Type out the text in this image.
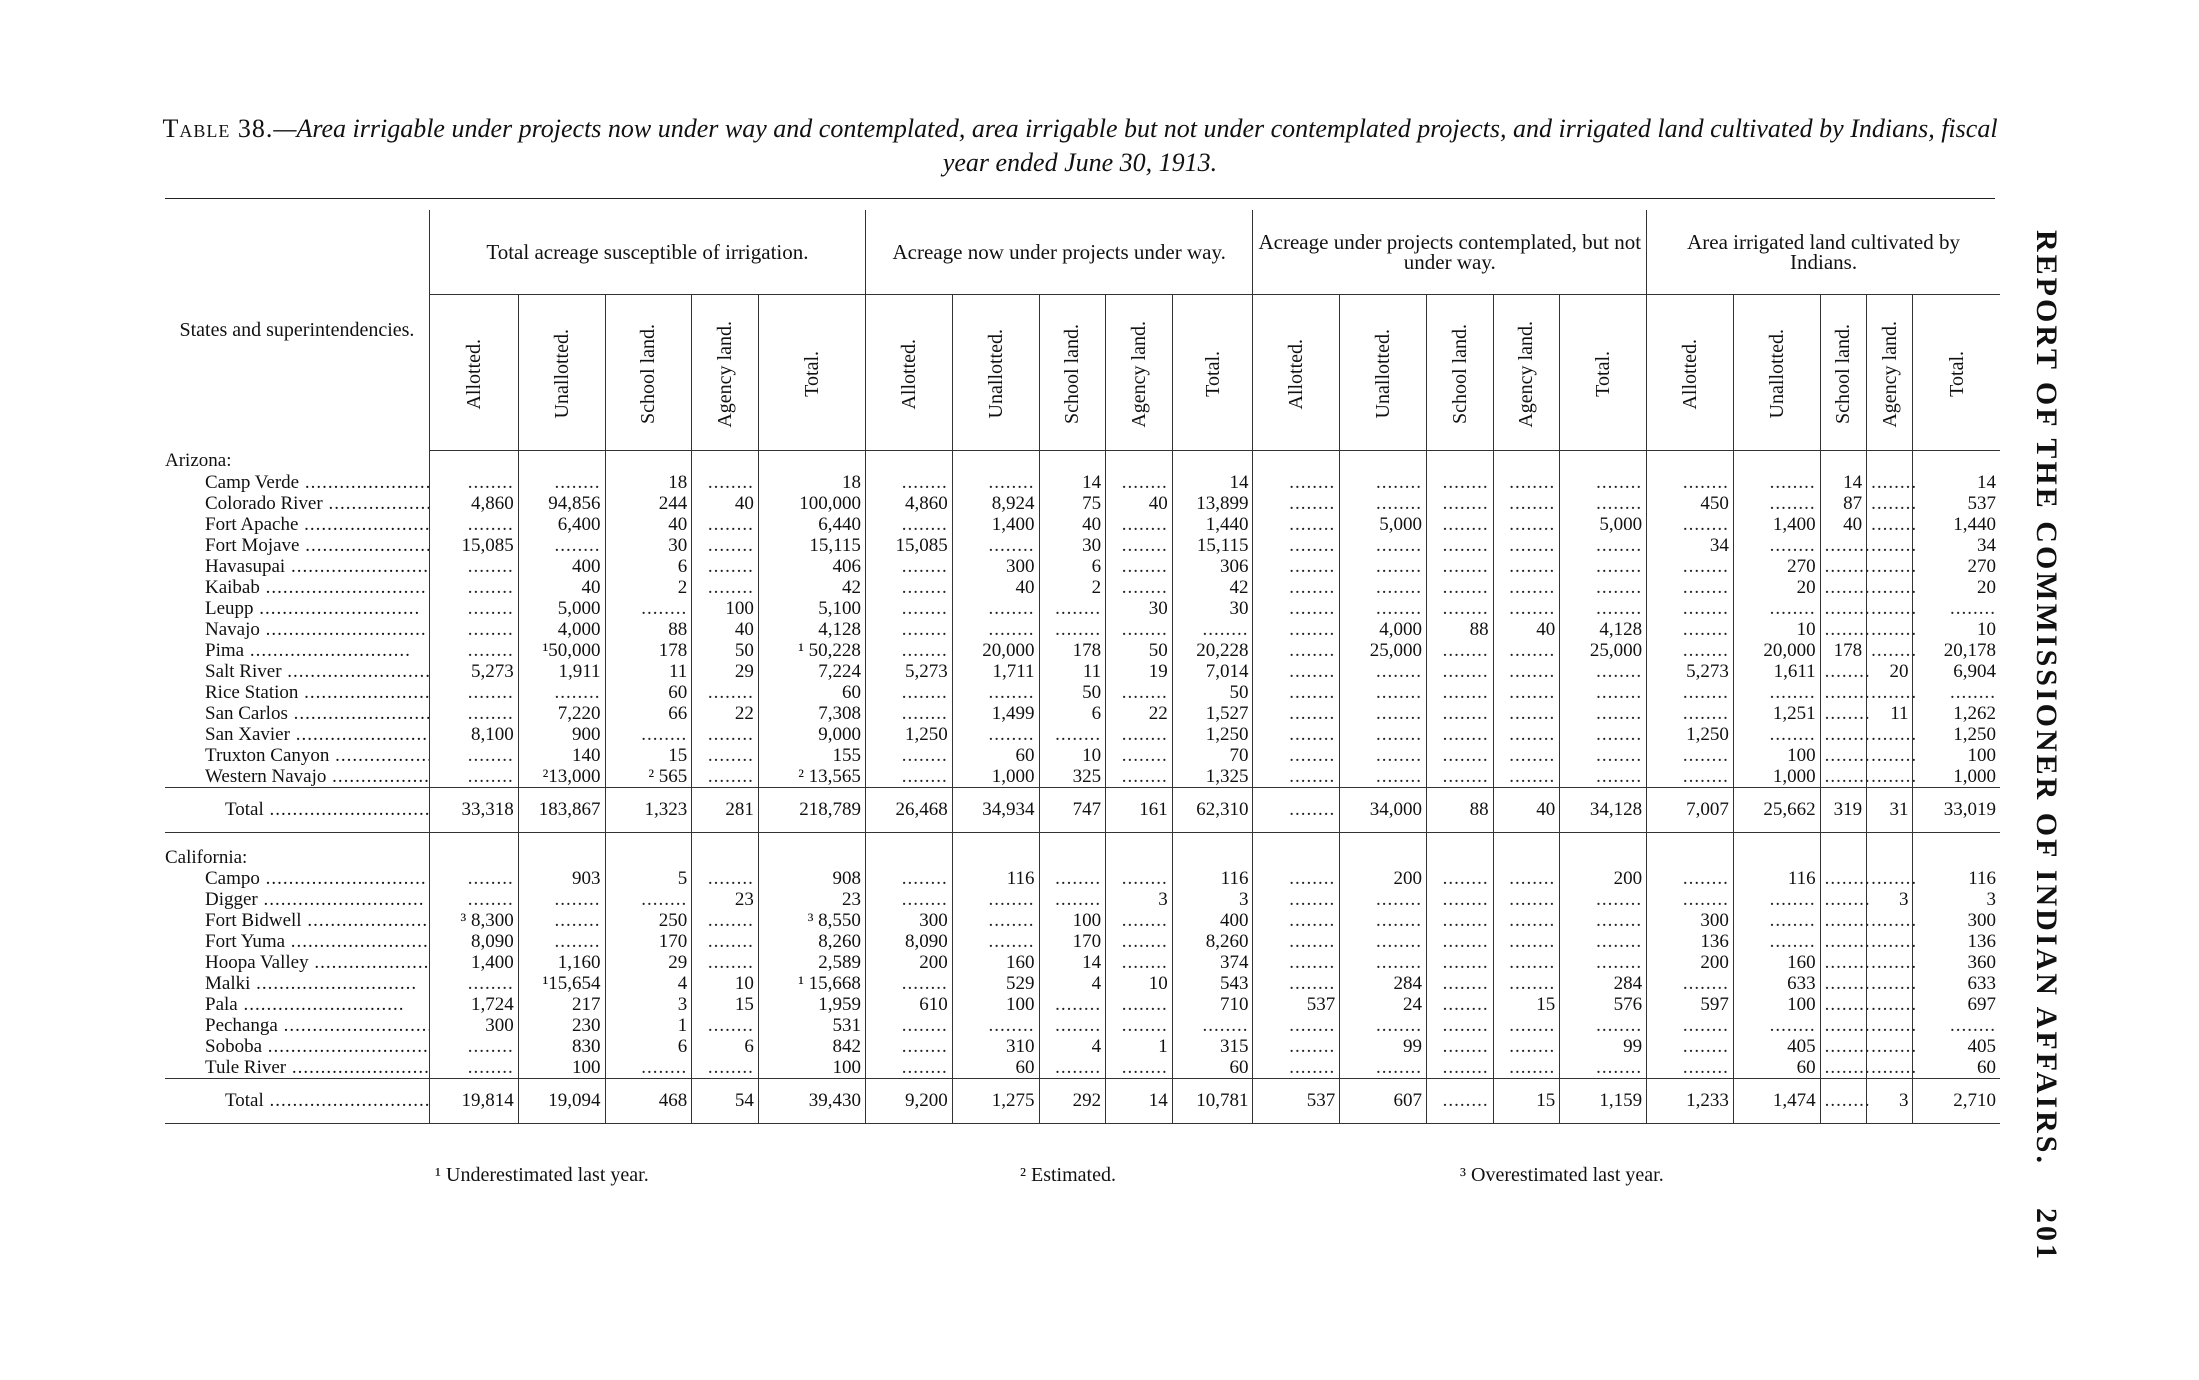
Table 38.—Area irrigable under projects now under way and contemplated, area irrigable but not under contemplated projects, and irrigated land cultivated by Indians, fiscal year ended June 30, 1913.
States and superintendencies.	Total acreage susceptible of irrigation.					Acreage now under projects under way.					Acreage under projects contemplated, but not under way.					Area irrigated land cultivated by Indians.				
	Allotted.	Unallotted.	School land.	Agency land.	Total.	Allotted.	Unallotted.	School land.	Agency land.	Total.	Allotted.	Unallotted.	School land.	Agency land.	Total.	Allotted.	Unallotted.	School land.	Agency land.	Total.
Arizona:																				
Camp Verde .....	........	........	18	........	18	........	........	14	........	14	........	........	........	........	........	........	........	14	........	14
Colorado River .....	4,860	94,856	244	40	100,000	4,860	8,924	75	40	13,899	........	........	........	........	........	450	........	87	........	537
Fort Apache .....	........	6,400	40	........	6,440	........	1,400	40	........	1,440	........	5,000	........	........	5,000	........	1,400	40	........	1,440
Fort Mojave .....	15,085	........	30	........	15,115	15,085	........	30	........	15,115	........	........	........	........	........	34	........	........	........	34
Havasupai .....	........	400	6	........	406	........	300	6	........	306	........	........	........	........	........	........	270	........	........	270
Kaibab .....	........	40	2	........	42	........	40	2	........	42	........	........	........	........	........	........	20	........	........	20
Leupp .....	........	5,000	........	100	5,100	........	........	........	30	30	........	........	........	........	........	........	........	........	........	........
Navajo .....	........	4,000	88	40	4,128	........	........	........	........	........	........	4,000	88	40	4,128	........	10	........	........	10
Pima .....	........	¹50,000	178	50	¹ 50,228	........	20,000	178	50	20,228	........	25,000	........	........	25,000	........	20,000	178	........	20,178
Salt River .....	5,273	1,911	11	29	7,224	5,273	1,711	11	19	7,014	........	........	........	........	........	5,273	1,611	........	20	6,904
Rice Station .....	........	........	60	........	60	........	........	50	........	50	........	........	........	........	........	........	........	........	........	........
San Carlos .....	........	7,220	66	22	7,308	........	1,499	6	22	1,527	........	........	........	........	........	........	1,251	........	11	1,262
San Xavier .....	8,100	900	........	........	9,000	1,250	........	........	........	1,250	........	........	........	........	........	1,250	........	........	........	1,250
Truxton Canyon .....	........	140	15	........	155	........	60	10	........	70	........	........	........	........	........	........	100	........	........	100
Western Navajo .....	........	²13,000	² 565	........	² 13,565	........	1,000	325	........	1,325	........	........	........	........	........	........	1,000	........	........	1,000
Total .....	33,318	183,867	1,323	281	218,789	26,468	34,934	747	161	62,310	........	34,000	88	40	34,128	7,007	25,662	319	31	33,019

California:																				
Campo .....	........	903	5	........	908	........	116	........	........	116	........	200	........	........	200	........	116	........	........	116
Digger .....	........	........	........	23	23	........	........	........	3	3	........	........	........	........	........	........	........	........	3	3
Fort Bidwell .....	³ 8,300	........	250	........	³ 8,550	300	........	100	........	400	........	........	........	........	........	300	........	........	........	300
Fort Yuma .....	8,090	........	170	........	8,260	8,090	........	170	........	8,260	........	........	........	........	........	136	........	........	........	136
Hoopa Valley .....	1,400	1,160	29	........	2,589	200	160	14	........	374	........	........	........	........	........	200	160	........	........	360
Malki .....	........	¹15,654	4	10	¹ 15,668	........	529	4	10	543	........	284	........	........	284	........	633	........	........	633
Pala .....	1,724	217	3	15	1,959	610	100	........	........	710	537	24	........	15	576	597	100	........	........	697
Pechanga .....	300	230	1	........	531	........	........	........	........	........	........	........	........	........	........	........	........	........	........	........
Soboba .....	........	830	6	6	842	........	310	4	1	315	........	99	........	........	99	........	405	........	........	405
Tule River .....	........	100	........	........	100	........	60	........	........	60	........	........	........	........	........	........	60	........	........	60
Total .....	19,814	19,094	468	54	39,430	9,200	1,275	292	14	10,781	537	607	........	15	1,159	1,233	1,474	........	3	2,710 REPORT OF THE COMMISSIONER OF INDIAN AFFAIRS. 201
¹ Underestimated last year.	² Estimated.	³ Overestimated last year.
